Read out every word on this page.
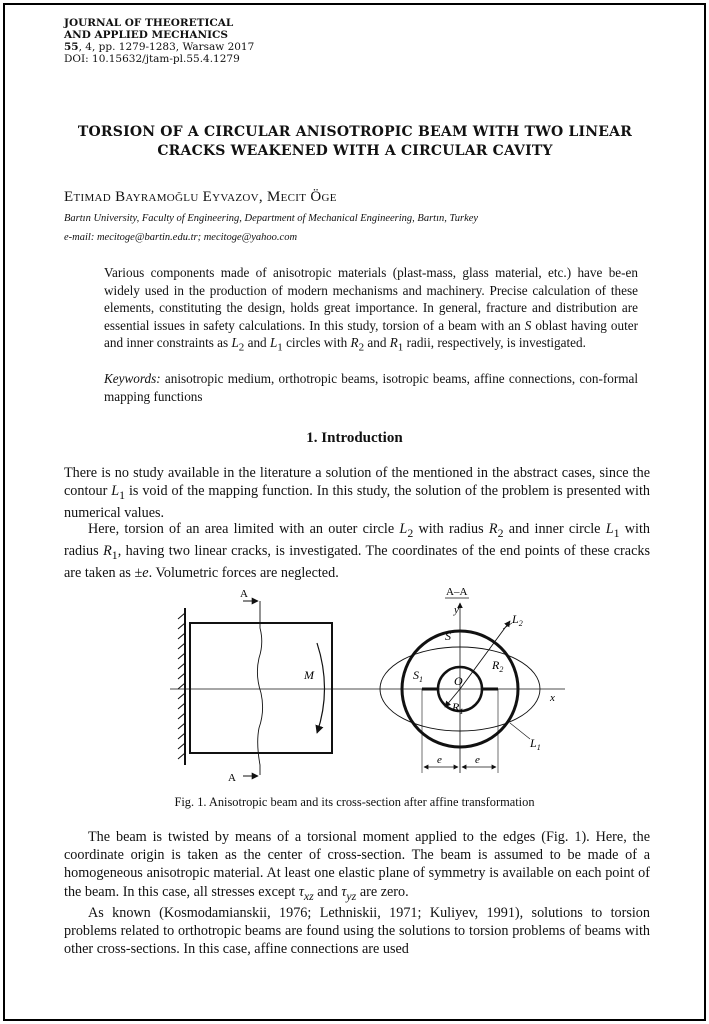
JOURNAL OF THEORETICAL
AND APPLIED MECHANICS
55, 4, pp. 1279-1283, Warsaw 2017
DOI: 10.15632/jtam-pl.55.4.1279
TORSION OF A CIRCULAR ANISOTROPIC BEAM WITH TWO LINEAR
CRACKS WEAKENED WITH A CIRCULAR CAVITY
Etimad Bayramoğlu Eyvazov, Mecit Öge
Bartın University, Faculty of Engineering, Department of Mechanical Engineering, Bartın, Turkey
e-mail: mecitoge@bartin.edu.tr; mecitoge@yahoo.com
Various components made of anisotropic materials (plast-mass, glass material, etc.) have be-en widely used in the production of modern mechanisms and machinery. Precise calculation of these elements, constituting the design, holds great importance. In general, fracture and distribution are essential issues in safety calculations. In this study, torsion of a beam with an S oblast having outer and inner constraints as $L_2$ and $L_1$ circles with $R_2$ and $R_1$ radii, respectively, is investigated.
Keywords: anisotropic medium, orthotropic beams, isotropic beams, affine connections, con-formal mapping functions
1. Introduction
There is no study available in the literature a solution of the mentioned in the abstract cases, since the contour $L_1$ is void of the mapping function. In this study, the solution of the problem is presented with numerical values.
Here, torsion of an area limited with an outer circle $L_2$ with radius $R_2$ and inner circle $L_1$ with radius $R_1$, having two linear cracks, is investigated. The coordinates of the end points of these cracks are taken as ±e. Volumetric forces are neglected.
A
A
M
A–A
y
x
S
$S_1$	O
$R_2$
$R_1$
$L_2$
$L_1$
e	e
Fig. 1. Anisotropic beam and its cross-section after affine transformation
The beam is twisted by means of a torsional moment applied to the edges (Fig. 1). Here, the coordinate origin is taken as the center of cross-section. The beam is assumed to be made of a homogeneous anisotropic material. At least one elastic plane of symmetry is available on each point of the beam. In this case, all stresses except $\tau_{xz}$ and $\tau_{yz}$ are zero.
As known (Kosmodamianskii, 1976; Lethniskii, 1971; Kuliyev, 1991), solutions to torsion problems related to orthotropic beams are found using the solutions to torsion problems of beams with other cross-sections. In this case, affine connections are used
